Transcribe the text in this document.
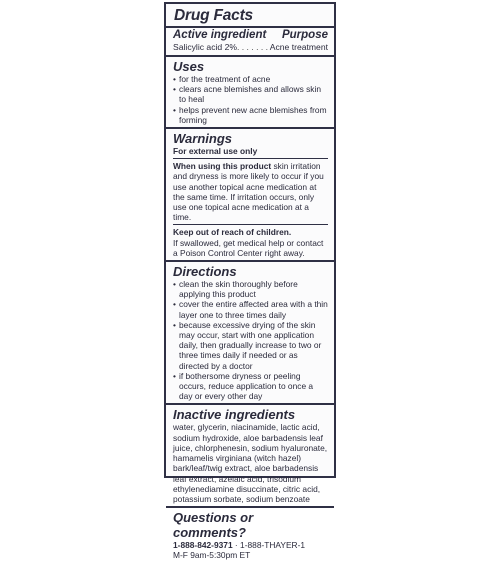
Drug Facts
Active ingredient Purpose
Salicylic acid 2% . . . . . . . Acne treatment
Uses
• for the treatment of acne
• clears acne blemishes and allows skin to heal
• helps prevent new acne blemishes from forming
Warnings
For external use only
When using this product skin irritation and dryness is more likely to occur if you use another topical acne medication at the same time. If irritation occurs, only use one topical acne medication at a time.
Keep out of reach of children.
If swallowed, get medical help or contact a Poison Control Center right away.
Directions
• clean the skin thoroughly before applying this product
• cover the entire affected area with a thin layer one to three times daily
• because excessive drying of the skin may occur, start with one application daily, then gradually increase to two or three times daily if needed or as directed by a doctor
• if bothersome dryness or peeling occurs, reduce application to once a day or every other day
Inactive ingredients
water, glycerin, niacinamide, lactic acid, sodium hydroxide, aloe barbadensis leaf juice, chlorphenesin, sodium hyaluronate, hamamelis virginiana (witch hazel) bark/leaf/twig extract, aloe barbadensis leaf extract, azelaic acid, trisodium ethylenediamine disuccinate, citric acid, potassium sorbate, sodium benzoate
Questions or comments?
1-888-842-9371 · 1-888-THAYER-1
M-F 9am-5:30pm ET
